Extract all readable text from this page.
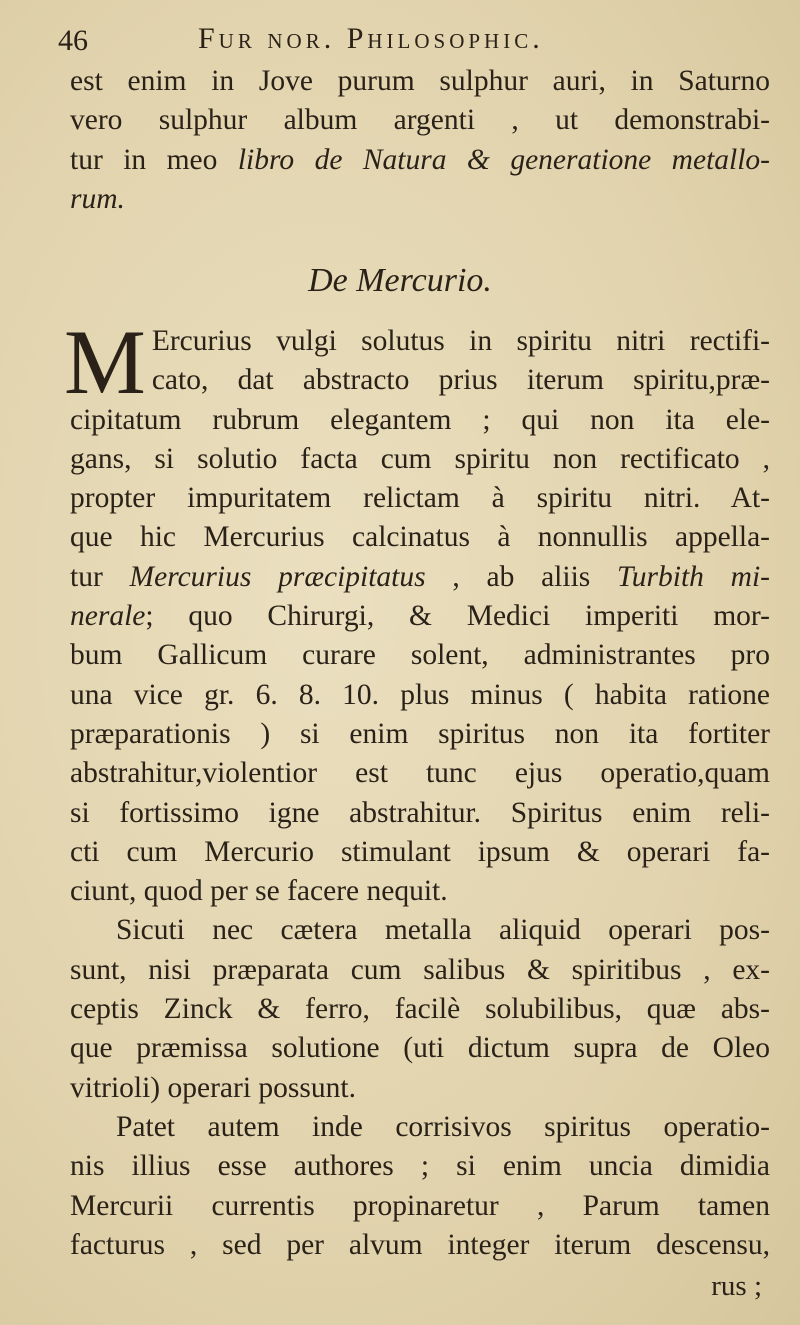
46	Fur nor. Philosophic.
est enim in Jove purum sulphur auri, in Saturno
vero sulphur album argenti , ut demonstrabi-
tur in meo libro de Natura & generatione metallo-
rum.
De Mercurio.
M Ercurius vulgi solutus in spiritu nitri rectifi-
cato, dat abstracto prius iterum spiritu,præ-
cipitatum rubrum elegantem ; qui non ita ele-
gans, si solutio facta cum spiritu non rectificato ,
propter impuritatem relictam à spiritu nitri. At-
que hic Mercurius calcinatus à nonnullis appella-
tur Mercurius præcipitatus , ab aliis Turbith mi-
nerale; quo Chirurgi, & Medici imperiti mor-
bum Gallicum curare solent, administrantes pro
una vice gr. 6. 8. 10. plus minus ( habita ratione
præparationis ) si enim spiritus non ita fortiter
abstrahitur,violentior est tunc ejus operatio,quam
si fortissimo igne abstrahitur. Spiritus enim reli-
cti cum Mercurio stimulant ipsum & operari fa-
ciunt, quod per se facere nequit.
Sicuti nec cætera metalla aliquid operari pos-
sunt, nisi præparata cum salibus & spiritibus , ex-
ceptis Zinck & ferro, facilè solubilibus, quæ abs-
que præmissa solutione (uti dictum supra de Oleo
vitrioli) operari possunt.
Patet autem inde corrisivos spiritus operatio-
nis illius esse authores ; si enim uncia dimidia
Mercurii currentis propinaretur , Parum tamen
facturus , sed per alvum integer iterum descensu,
rus ;
